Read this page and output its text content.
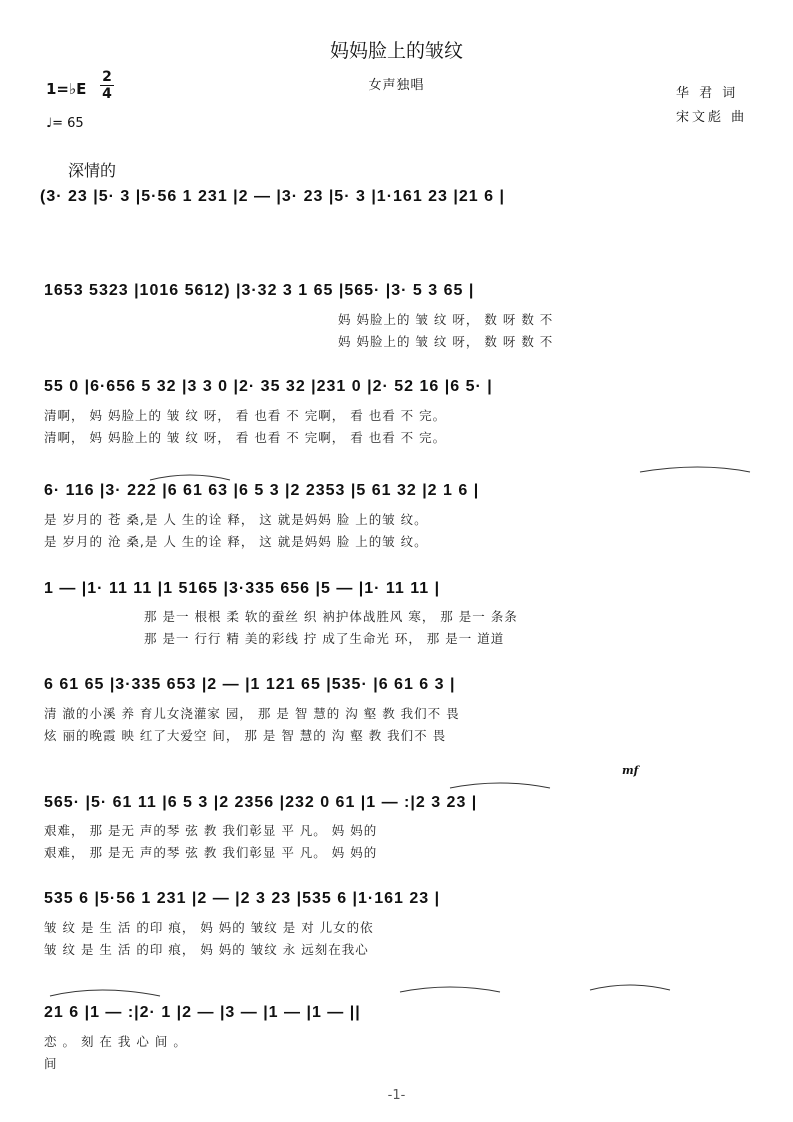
妈妈脸上的皱纹
女声独唱
华 君 词
宋文彪 曲
1=♭E
2
4
♩= 65
深情的
mf
(3· 23 |5· 3 |5·56 1 231 |2 — |3· 23 |5· 3 |1·161 23 |21 6 |
1653 5323 |1016 5612) |3·32 3 1 65 |565· |3· 5 3 65 |
妈 妈脸上的 皱 纹 呀， 数 呀 数 不
妈 妈脸上的 皱 纹 呀， 数 呀 数 不
55 0 |6·656 5 32 |3 3 0 |2· 35 32 |231 0 |2· 52 16 |6 5· |
清啊， 妈 妈脸上的 皱 纹 呀， 看 也看 不 完啊， 看 也看 不 完。
清啊， 妈 妈脸上的 皱 纹 呀， 看 也看 不 完啊， 看 也看 不 完。
6· 116 |3· 222 |6 61 63 |6 5 3 |2 2353 |5 61 32 |2 1 6 |
是 岁月的 苍 桑,是 人 生的诠 释， 这 就是妈妈 脸 上的皱 纹。
是 岁月的 沧 桑,是 人 生的诠 释， 这 就是妈妈 脸 上的皱 纹。
1 — |1· 11 11 |1 5165 |3·335 656 |5 — |1· 11 11 |
那 是一 根根 柔 软的蚕丝 织 衲护体战胜风 寒， 那 是一 条条
那 是一 行行 精 美的彩线 拧 成了生命光 环， 那 是一 道道
6 61 65 |3·335 653 |2 — |1 121 65 |535· |6 61 6 3 |
清 澈的小溪 养 育儿女浇灌家 园， 那 是 智 慧的 沟 壑 教 我们不 畏
炫 丽的晚霞 映 红了大爱空 间， 那 是 智 慧的 沟 壑 教 我们不 畏
565· |5· 61 11 |6 5 3 |2 2356 |232 0 61 |1 — :|2 3 23 |
艰难， 那 是无 声的琴 弦 教 我们彰显 平 凡。 妈 妈的
艰难， 那 是无 声的琴 弦 教 我们彰显 平 凡。 妈 妈的
535 6 |5·56 1 231 |2 — |2 3 23 |535 6 |1·161 23 |
皱 纹 是 生 活 的印 痕， 妈 妈的 皱纹 是 对 儿女的依
皱 纹 是 生 活 的印 痕， 妈 妈的 皱纹 永 远刻在我心
21 6 |1 — :|2· 1 |2 — |3 — |1 — |1 — ||
恋 。 刻 在 我 心 间 。
间
-1-
